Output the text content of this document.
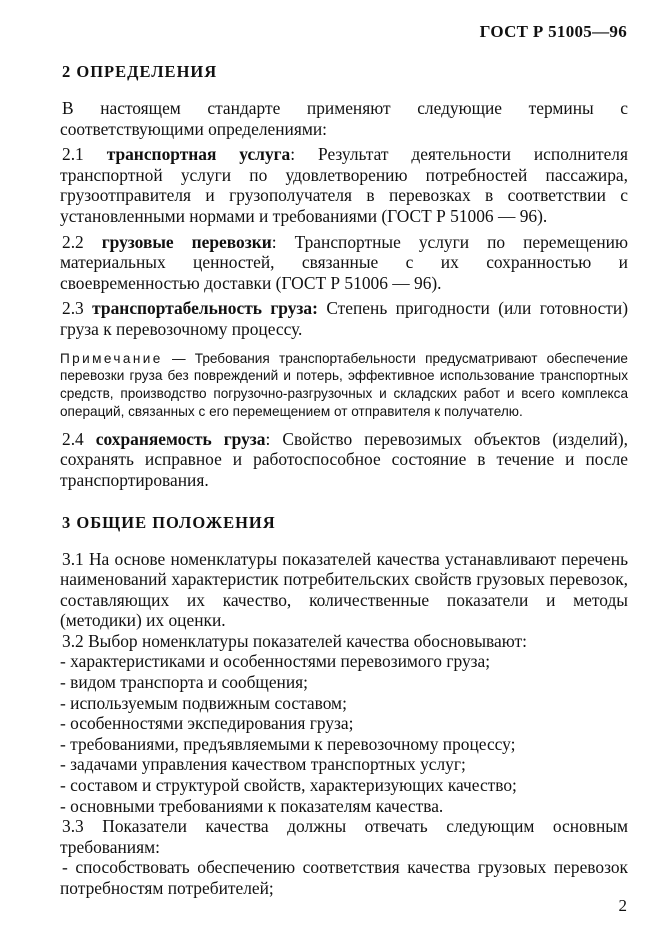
ГОСТ Р 51005—96
2 ОПРЕДЕЛЕНИЯ

В настоящем стандарте применяют следующие термины с соответствующими определениями:

2.1 транспортная услуга: Результат деятельности исполнителя транспортной услуги по удовлетворению потребностей пассажира, грузоотправителя и грузополучателя в перевозках в соответствии с установленными нормами и требованиями (ГОСТ Р 51006 — 96).

2.2 грузовые перевозки: Транспортные услуги по перемещению материальных ценностей, связанные с их сохранностью и своевременностью доставки (ГОСТ Р 51006 — 96).

2.3 транспортабельность груза: Степень пригодности (или готовности) груза к перевозочному процессу.

Примечание — Требования транспортабельности предусматривают обеспечение перевозки груза без повреждений и потерь, эффективное использование транспортных средств, производство погрузочно-разгрузочных и складских работ и всего комплекса операций, связанных с его перемещением от отправителя к получателю.

2.4 сохраняемость груза: Свойство перевозимых объектов (изделий), сохранять исправное и работоспособное состояние в течение и после транспортирования.

3 ОБЩИЕ ПОЛОЖЕНИЯ

3.1 На основе номенклатуры показателей качества устанавливают перечень наименований характеристик потребительских свойств грузовых перевозок, составляющих их качество, количественные показатели и методы (методики) их оценки.

3.2 Выбор номенклатуры показателей качества обосновывают:

- характеристиками и особенностями перевозимого груза;
- видом транспорта и сообщения;
- используемым подвижным составом;
- особенностями экспедирования груза;
- требованиями, предъявляемыми к перевозочному процессу;
- задачами управления качеством транспортных услуг;
- составом и структурой свойств, характеризующих качество;
- основными требованиями к показателям качества.

3.3 Показатели качества должны отвечать следующим основным требованиям:

- способствовать обеспечению соответствия качества грузовых перевозок потребностям потребителей;

2
